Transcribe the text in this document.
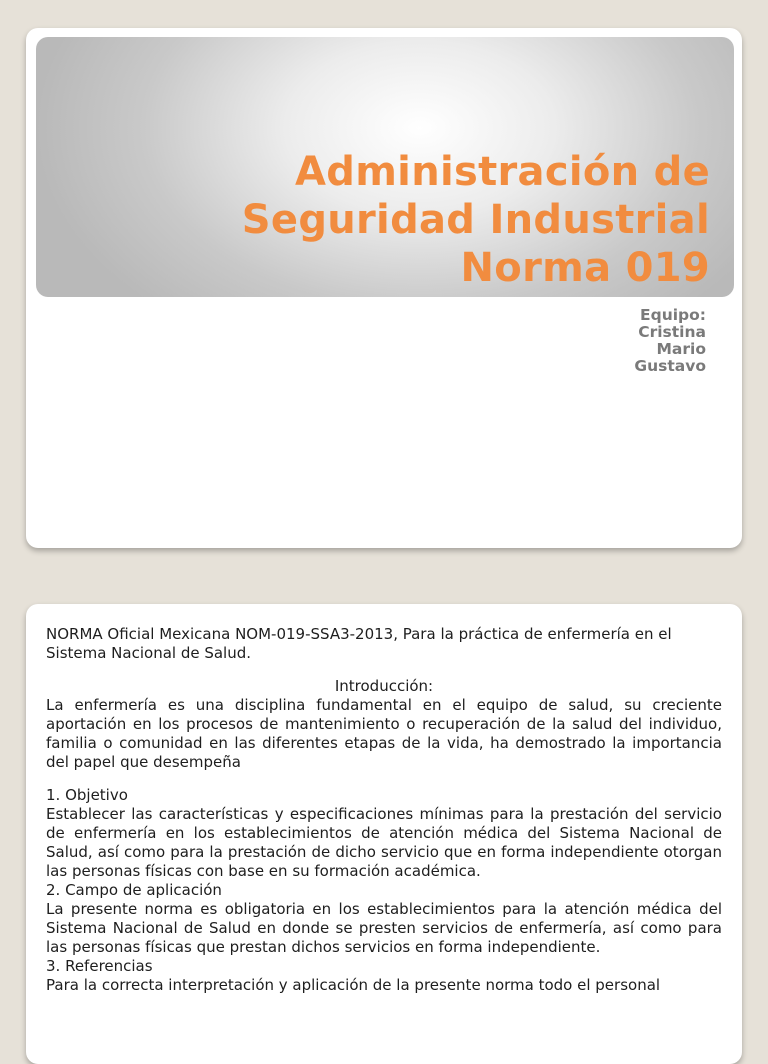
Administración de
Seguridad Industrial
Norma 019
Equipo:
Cristina
Mario
Gustavo

NORMA Oficial Mexicana NOM-019-SSA3-2013, Para la práctica de enfermería en el Sistema Nacional de Salud.

Introducción:

La enfermería es una disciplina fundamental en el equipo de salud, su creciente aportación en los procesos de mantenimiento o recuperación de la salud del individuo, familia o comunidad en las diferentes etapas de la vida, ha demostrado la importancia del papel que desempeña

1. Objetivo

Establecer las características y especificaciones mínimas para la prestación del servicio de enfermería en los establecimientos de atención médica del Sistema Nacional de Salud, así como para la prestación de dicho servicio que en forma independiente otorgan las personas físicas con base en su formación académica.

2. Campo de aplicación

La presente norma es obligatoria en los establecimientos para la atención médica del Sistema Nacional de Salud en donde se presten servicios de enfermería, así como para las personas físicas que prestan dichos servicios en forma independiente.

3. Referencias

Para la correcta interpretación y aplicación de la presente norma todo el personal
